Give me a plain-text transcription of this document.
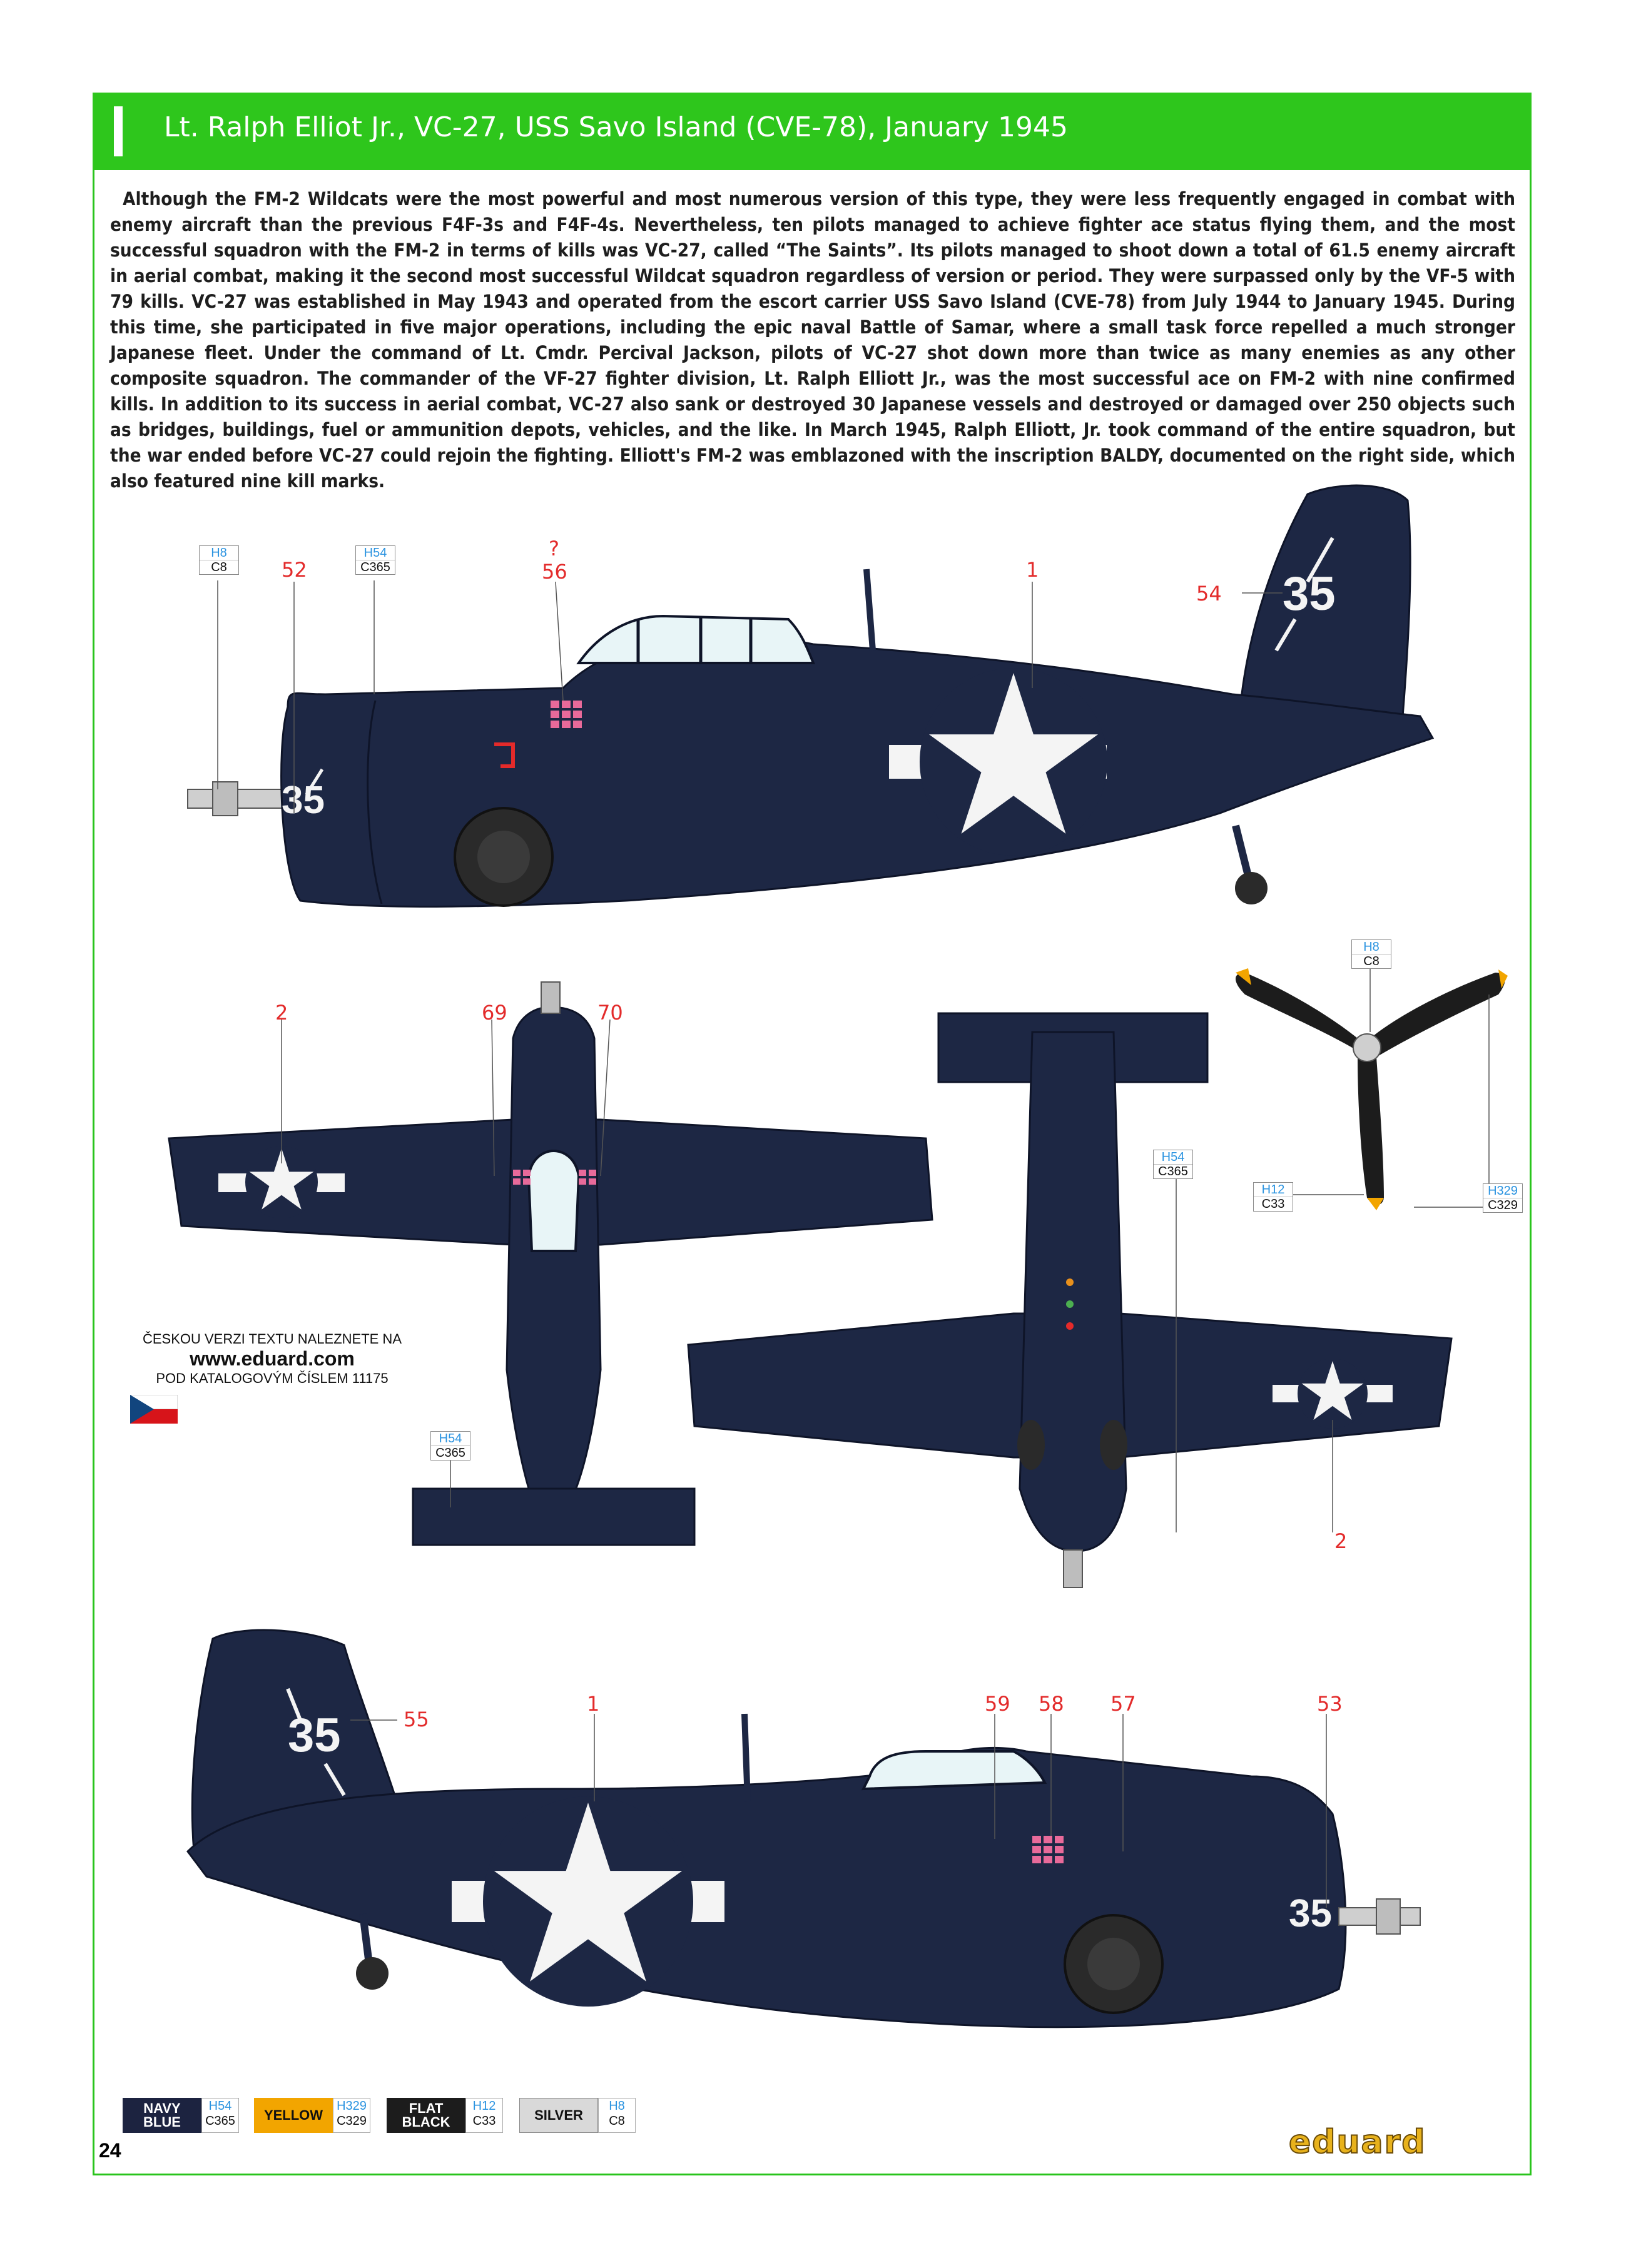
Lt. Ralph Elliot Jr., VC-27, USS Savo Island (CVE-78), January 1945
Although the FM-2 Wildcats were the most powerful and most numerous version of this type, they were less frequently engaged in combat with enemy aircraft than the previous F4F-3s and F4F-4s. Nevertheless, ten pilots managed to achieve fighter ace status flying them, and the most successful squadron with the FM-2 in terms of kills was VC-27, called “The Saints”. Its pilots managed to shoot down a total of 61.5 enemy aircraft in aerial combat, making it the second most successful Wildcat squadron regardless of version or period. They were surpassed only by the VF-5 with 79 kills. VC-27 was established in May 1943 and operated from the escort carrier USS Savo Island (CVE-78) from July 1944 to January 1945. During this time, she participated in five major operations, including the epic naval Battle of Samar, where a small task force repelled a much stronger Japanese fleet. Under the command of Lt. Cmdr. Percival Jackson, pilots of VC-27 shot down more than twice as many enemies as any other composite squadron. The commander of the VF-27 fighter division, Lt. Ralph Elliott Jr., was the most successful ace on FM-2 with nine confirmed kills. In addition to its success in aerial combat, VC-27 also sank or destroyed 30 Japanese vessels and destroyed or damaged over 250 objects such as bridges, buildings, fuel or ammunition depots, vehicles, and the like. In March 1945, Ralph Elliott, Jr. took command of the entire squadron, but the war ended before VC-27 could rejoin the fighting. Elliott's FM-2 was emblazoned with the inscription BALDY, documented on the right side, which also featured nine kill marks.
35
35
35
35
52
?
56	1
54
2	69	70
2
55
1	59 58 57	53
H8
C8
H54
C365
H8
C8
H12
C33
H329
C329
H54
C365
H54
C365
ČESKOU VERZI TEXTU NALEZNETE NA
www.eduard.com
POD KATALOGOVÝM ČÍSLEM 11175
NAVY
BLUE
H54
C365 YELLOW
H329
C329
FLAT
BLACK
H12
C33	SILVER
H8
C8
24	eduard
